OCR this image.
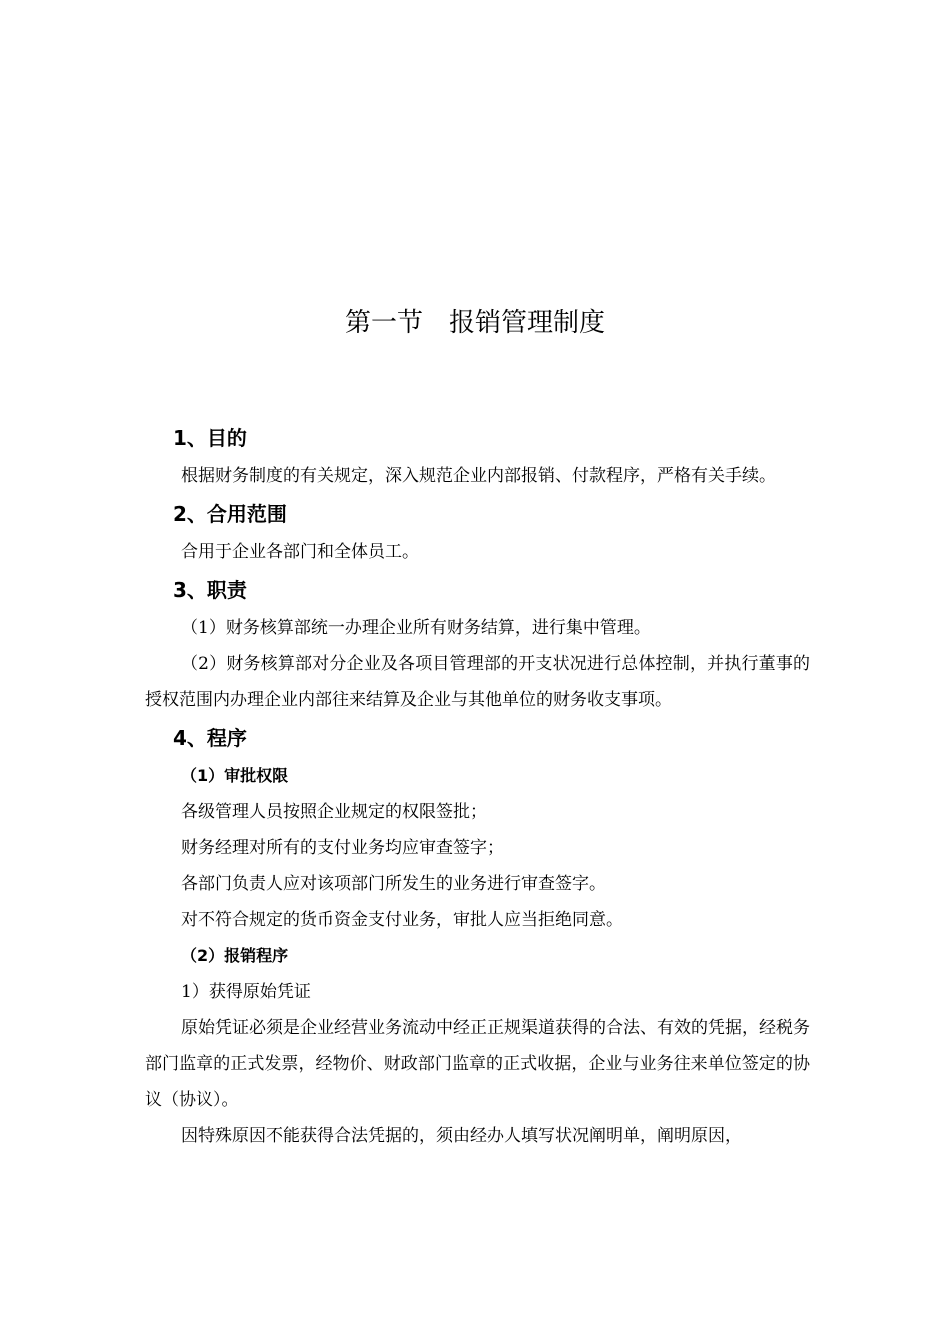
第一节　报销管理制度
1、目的

根据财务制度的有关规定，深入规范企业内部报销、付款程序，严格有关手续。

2、合用范围

合用于企业各部门和全体员工。

3、职责

（1）财务核算部统一办理企业所有财务结算，进行集中管理。

（2）财务核算部对分企业及各项目管理部的开支状况进行总体控制，并执行董事的授权范围内办理企业内部往来结算及企业与其他单位的财务收支事项。

4、程序
（1）审批权限

各级管理人员按照企业规定的权限签批；

财务经理对所有的支付业务均应审查签字；

各部门负责人应对该项部门所发生的业务进行审查签字。

对不符合规定的货币资金支付业务，审批人应当拒绝同意。

（2）报销程序

1）获得原始凭证

原始凭证必须是企业经营业务流动中经正正规渠道获得的合法、有效的凭据，经税务部门监章的正式发票，经物价、财政部门监章的正式收据，企业与业务往来单位签定的协议（协议）。

因特殊原因不能获得合法凭据的，须由经办人填写状况阐明单，阐明原因，
